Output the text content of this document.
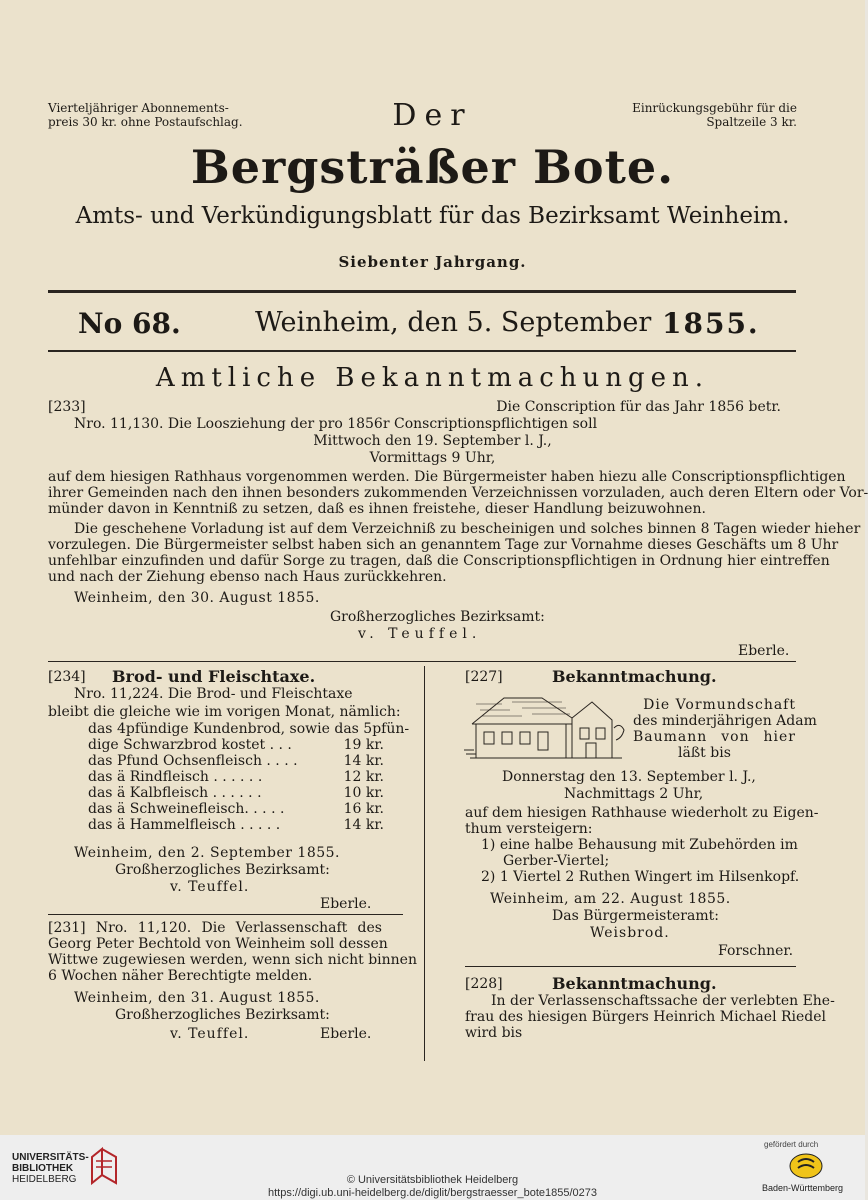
Vierteljähriger Abonnements-
preis 30 kr. ohne Postaufschlag.
Einrückungsgebühr für die
Spaltzeile 3 kr.
Der
Bergsträßer Bote.
Amts- und Verkündigungsblatt für das Bezirksamt Weinheim.
Siebenter Jahrgang.
No 68.	Weinheim, den 5. September 1855.
Amtliche Bekanntmachungen.
[233]	Die Conscription für das Jahr 1856 betr.
Nro. 11,130. Die Loosziehung der pro 1856r Conscriptionspflichtigen soll
Mittwoch den 19. September l. J.,
Vormittags 9 Uhr,
auf dem hiesigen Rathhaus vorgenommen werden. Die Bürgermeister haben hiezu alle Conscriptionspflichtigen
ihrer Gemeinden nach den ihnen besonders zukommenden Verzeichnissen vorzuladen, auch deren Eltern oder Vor-
münder davon in Kenntniß zu setzen, daß es ihnen freistehe, dieser Handlung beizuwohnen.
Die geschehene Vorladung ist auf dem Verzeichniß zu bescheinigen und solches binnen 8 Tagen wieder hieher
vorzulegen. Die Bürgermeister selbst haben sich an genanntem Tage zur Vornahme dieses Geschäfts um 8 Uhr
unfehlbar einzufinden und dafür Sorge zu tragen, daß die Conscriptionspflichtigen in Ordnung hier eintreffen
und nach der Ziehung ebenso nach Haus zurückkehren.
Weinheim, den 30. August 1855.
Großherzogliches Bezirksamt:
v. Teuffel.
Eberle.
[234] Brod- und Fleischtaxe.
Nro. 11,224. Die Brod- und Fleischtaxe
bleibt die gleiche wie im vorigen Monat, nämlich:
das 4pfündige Kundenbrod, sowie das 5pfün-
dige Schwarzbrod kostet . . .	19 kr.
das Pfund Ochsenfleisch . . . .	14 kr.
das ä Rindfleisch . . . . . .	12 kr.
das ä Kalbfleisch . . . . . .	10 kr.
das ä Schweinefleisch. . . . .	16 kr.
das ä Hammelfleisch . . . . .	14 kr.
Weinheim, den 2. September 1855.
Großherzogliches Bezirksamt:
v. Teuffel.
Eberle.
[231] Nro. 11,120. Die Verlassenschaft des
Georg Peter Bechtold von Weinheim soll dessen
Wittwe zugewiesen werden, wenn sich nicht binnen
6 Wochen näher Berechtigte melden.
Weinheim, den 31. August 1855.
Großherzogliches Bezirksamt:
v. Teuffel.	Eberle.
[227]	Bekanntmachung.
Die Vormundschaft
des minderjährigen Adam
Baumann von hier
läßt bis
Donnerstag den 13. September l. J.,
Nachmittags 2 Uhr,
auf dem hiesigen Rathhause wiederholt zu Eigen-
thum versteigern:
1) eine halbe Behausung mit Zubehörden im
Gerber-Viertel;
2) 1 Viertel 2 Ruthen Wingert im Hilsenkopf.
Weinheim, am 22. August 1855.
Das Bürgermeisteramt:
Weisbrod.
Forschner.
[228]	Bekanntmachung.
In der Verlassenschaftssache der verlebten Ehe-
frau des hiesigen Bürgers Heinrich Michael Riedel
wird bis
UNIVERSITÄTS-
BIBLIOTHEK
HEIDELBERG	© Universitätsbibliothek Heidelberg
https://digi.ub.uni-heidelberg.de/diglit/bergstraesser_bote1855/0273
gefördert durch
Baden-Württemberg
